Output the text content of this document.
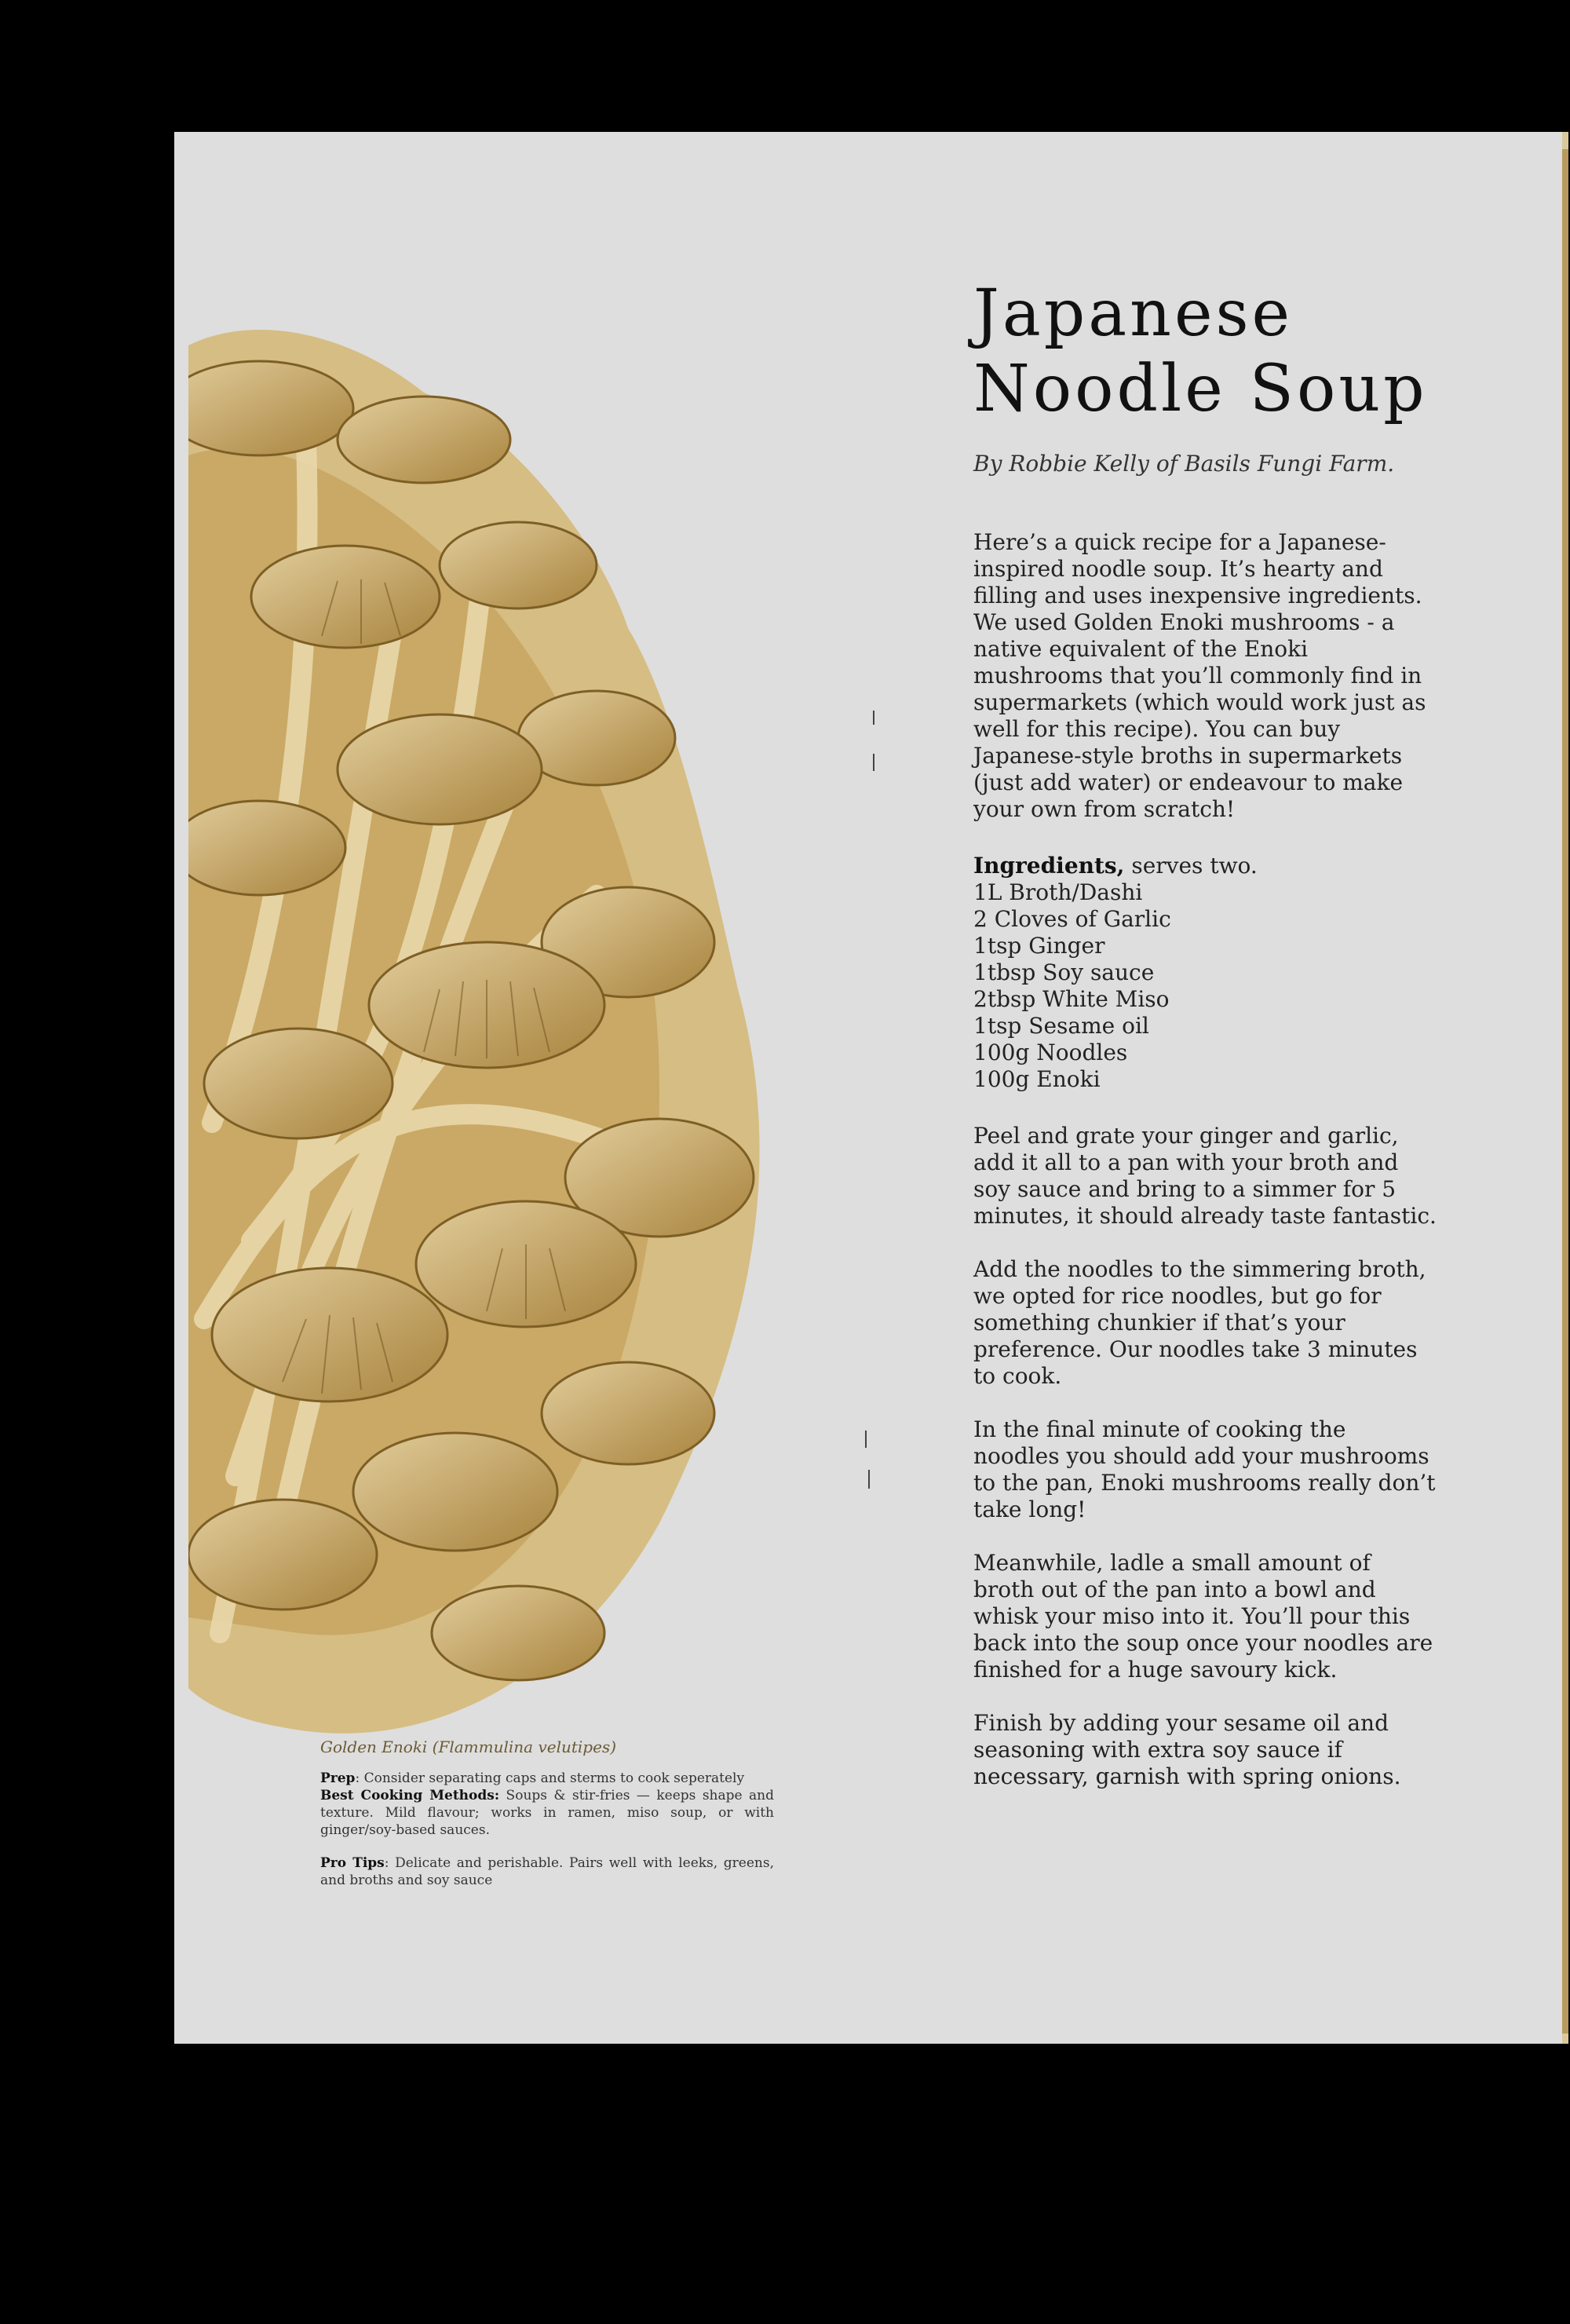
Japanese
Noodle Soup

By Robbie Kelly of Basils Fungi Farm.

Here’s a quick recipe for a Japanese-inspired noodle soup. It’s hearty and filling and uses inexpensive ingredients.

We used Golden Enoki mushrooms - a native equivalent of the Enoki mushrooms that you’ll commonly find in supermarkets (which would work just as well for this recipe). You can buy Japanese-style broths in supermarkets (just add water) or endeavour to make your own from scratch!

Ingredients, serves two.
1L Broth/Dashi
2 Cloves of Garlic
1tsp Ginger
1tbsp Soy sauce
2tbsp White Miso
1tsp Sesame oil
100g Noodles
100g Enoki

Peel and grate your ginger and garlic, add it all to a pan with your broth and soy sauce and bring to a simmer for 5 minutes, it should already taste fantastic.

Add the noodles to the simmering broth, we opted for rice noodles, but go for something chunkier if that’s your preference. Our noodles take 3 minutes to cook.

In the final minute of cooking the noodles you should add your mushrooms to the pan, Enoki mushrooms really don’t take long!

Meanwhile, ladle a small amount of broth out of the pan into a bowl and whisk your miso into it. You’ll pour this back into the soup once your noodles are finished for a huge savoury kick.

Finish by adding your sesame oil and seasoning with extra soy sauce if necessary, garnish with spring onions.

Golden Enoki (Flammulina velutipes)

Prep: Consider separating caps and sterms to cook seperately
Best Cooking Methods: Soups & stir-fries — keeps shape and texture. Mild flavour; works in ramen, miso soup, or with ginger/soy-based sauces.

Pro Tips: Delicate and perishable. Pairs well with leeks, greens, and broths and soy sauce
